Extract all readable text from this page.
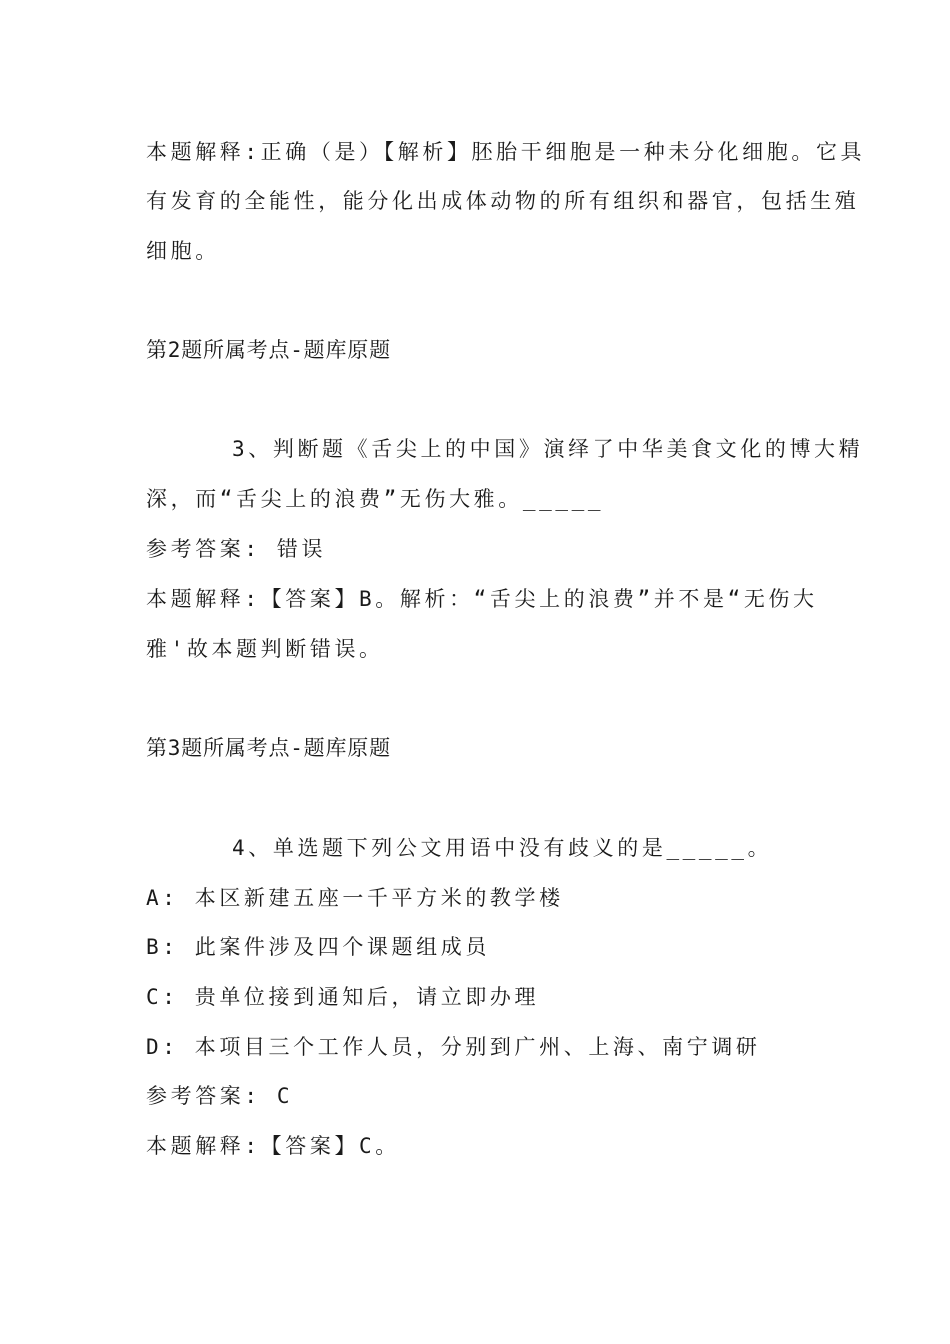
本题解释:正确（是）【解析】胚胎干细胞是一种未分化细胞。它具
有发育的全能性，能分化出成体动物的所有组织和器官，包括生殖
细胞。
第2题所属考点-题库原题
3、判断题《舌尖上的中国》演绎了中华美食文化的博大精
深，而“舌尖上的浪费”无伤大雅。_____
参考答案: 错误
本题解释:【答案】B。解析：“舌尖上的浪费”并不是“无伤大
雅'故本题判断错误。
第3题所属考点-题库原题
4、单选题下列公文用语中没有歧义的是_____。
A: 本区新建五座一千平方米的教学楼
B: 此案件涉及四个课题组成员
C: 贵单位接到通知后，请立即办理
D: 本项目三个工作人员，分别到广州、上海、南宁调研
参考答案: C
本题解释:【答案】C。
